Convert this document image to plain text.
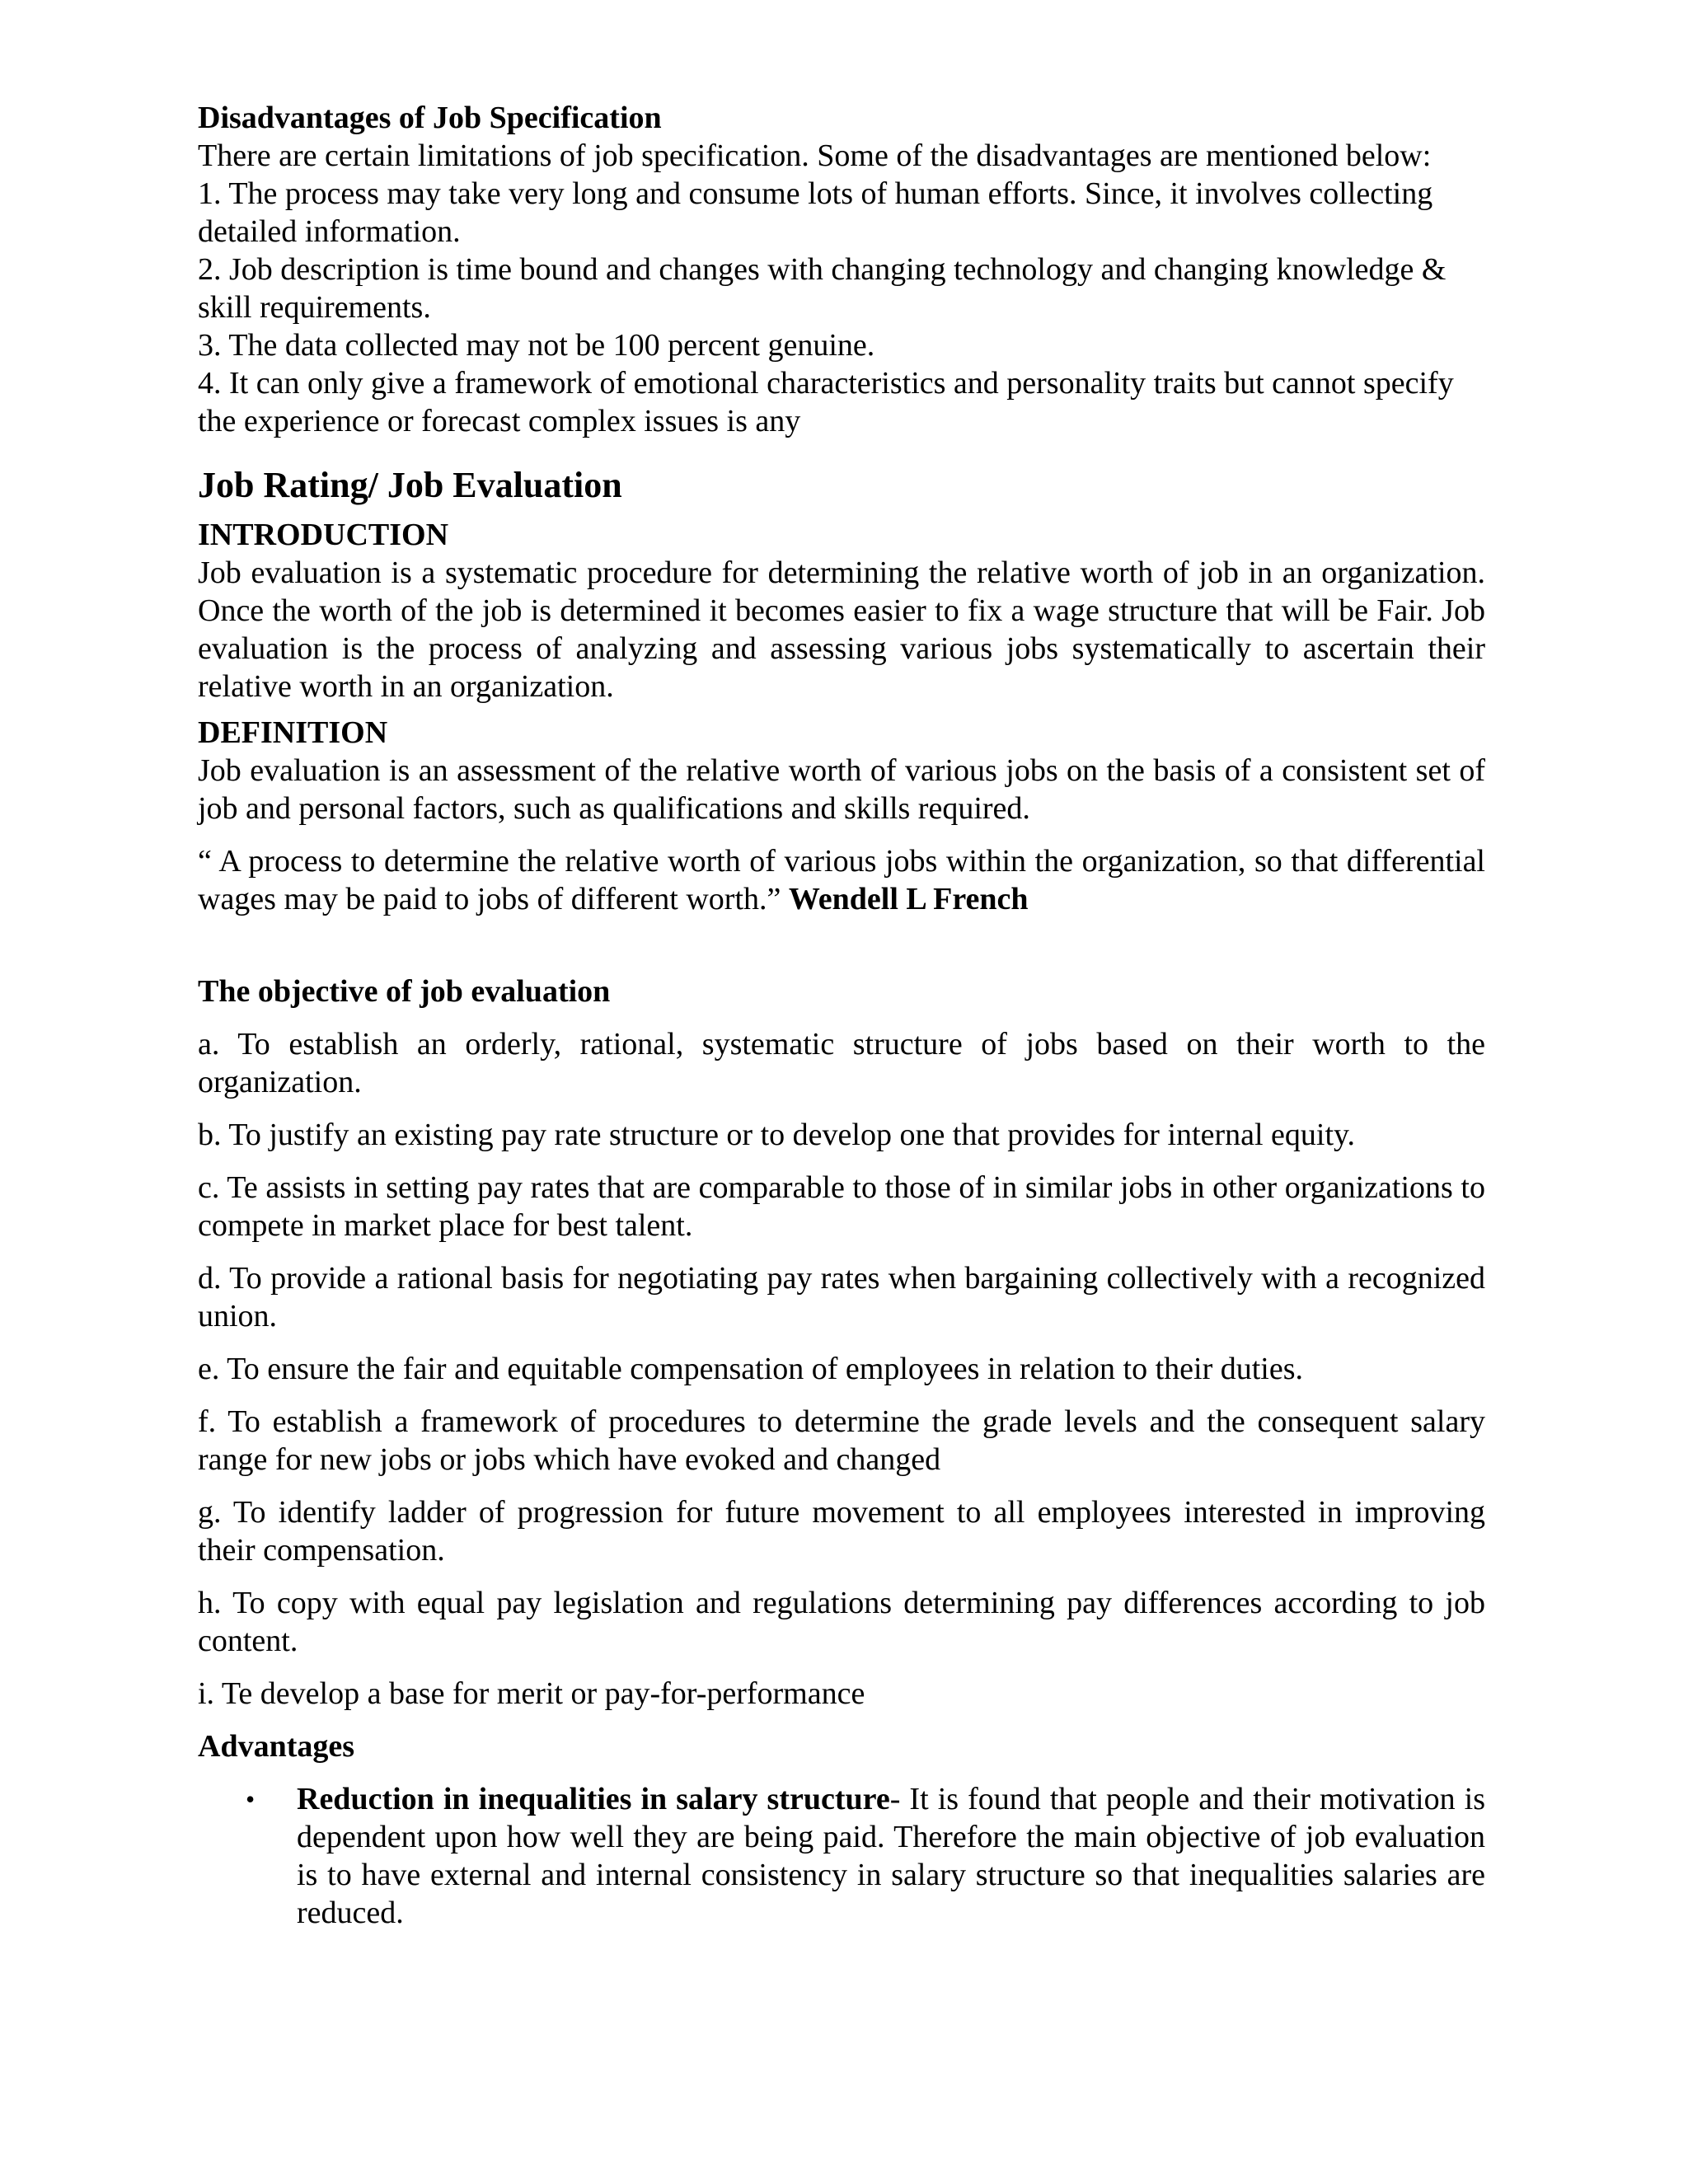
Disadvantages of Job Specification

There are certain limitations of job specification. Some of the disadvantages are mentioned below:

1. The process may take very long and consume lots of human efforts. Since, it involves collecting detailed information.

2. Job description is time bound and changes with changing technology and changing knowledge & skill requirements.

3. The data collected may not be 100 percent genuine.

4. It can only give a framework of emotional characteristics and personality traits but cannot specify the experience or forecast complex issues is any

Job Rating/ Job Evaluation

INTRODUCTION

Job evaluation is a systematic procedure for determining the relative worth of job in an organization. Once the worth of the job is determined it becomes easier to fix a wage structure that will be Fair. Job evaluation is the process of analyzing and assessing various jobs systematically to ascertain their relative worth in an organization.

DEFINITION

Job evaluation is an assessment of the relative worth of various jobs on the basis of a consistent set of job and personal factors, such as qualifications and skills required.

“ A process to determine the relative worth of various jobs within the organization, so that differential wages may be paid to jobs of different worth.” Wendell L French

The objective of job evaluation

a. To establish an orderly, rational, systematic structure of jobs based on their worth to the organization.

b. To justify an existing pay rate structure or to develop one that provides for internal equity.

c. Te assists in setting pay rates that are comparable to those of in similar jobs in other organizations to compete in market place for best talent.

d. To provide a rational basis for negotiating pay rates when bargaining collectively with a recognized union.

e. To ensure the fair and equitable compensation of employees in relation to their duties.

f. To establish a framework of procedures to determine the grade levels and the consequent salary range for new jobs or jobs which have evoked and changed

g. To identify ladder of progression for future movement to all employees interested in improving their compensation.

h. To copy with equal pay legislation and regulations determining pay differences according to job content.

i. Te develop a base for merit or pay-for-performance

Advantages

• Reduction in inequalities in salary structure- It is found that people and their motivation is dependent upon how well they are being paid. Therefore the main objective of job evaluation is to have external and internal consistency in salary structure so that inequalities salaries are reduced.
